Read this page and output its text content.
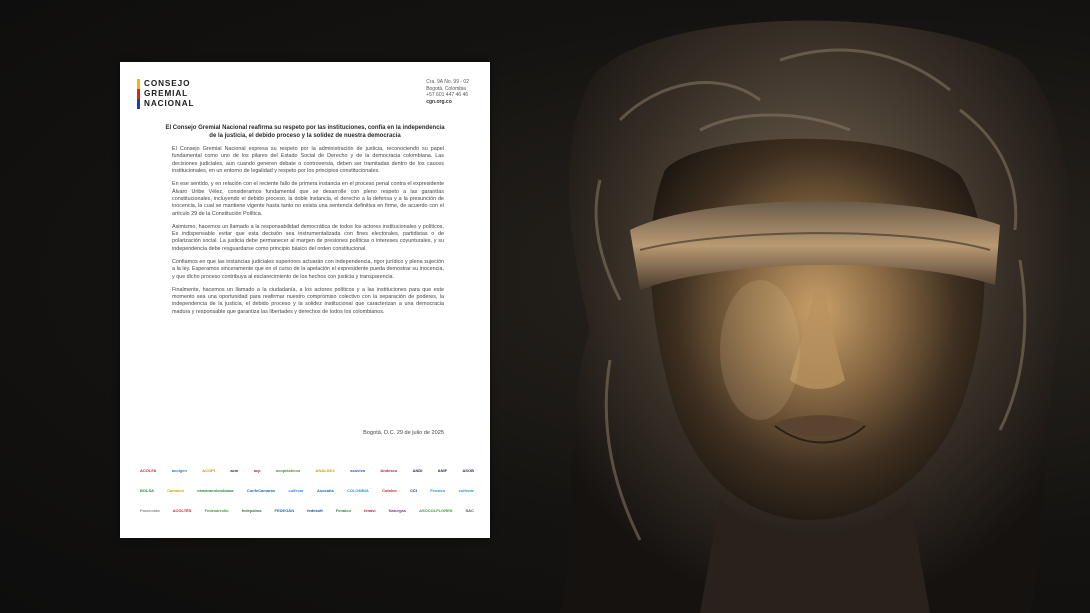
CONSEJO
GREMIAL
NACIONAL
Cra. 9A No. 99 - 02
Bogotá, Colombia
+57 601 447 46 46
cgn.org.co
El Consejo Gremial Nacional reafirma su respeto por las instituciones, confía en la independencia de la justicia, el debido proceso y la solidez de nuestra democracia

El Consejo Gremial Nacional expresa su respeto por la administración de justicia, reconociendo su papel fundamental como uno de los pilares del Estado Social de Derecho y de la democracia colombiana. Las decisiones judiciales, aun cuando generen debate o controversia, deben ser tramitadas dentro de los cauces institucionales, en un entorno de legalidad y respeto por los principios constitucionales.

En ese sentido, y en relación con el reciente fallo de primera instancia en el proceso penal contra el expresidente Álvaro Uribe Vélez, consideramos fundamental que se desarrolle con pleno respeto a las garantías constitucionales, incluyendo el debido proceso, la doble instancia, el derecho a la defensa y a la presunción de inocencia, la cual se mantiene vigente hasta tanto no exista una sentencia definitiva en firme, de acuerdo con el artículo 29 de la Constitución Política.

Asimismo, hacemos un llamado a la responsabilidad democrática de todos los actores institucionales y políticos. Es indispensable evitar que esta decisión sea instrumentalizada con fines electorales, partidistas o de polarización social. La justicia debe permanecer al margen de presiones políticas o intereses coyunturales, y su independencia debe resguardarse como principio básico del orden constitucional.

Confiamos en que las instancias judiciales superiores actuarán con independencia, rigor jurídico y plena sujeción a la ley. Esperamos sinceramente que en el curso de la apelación el expresidente pueda demostrar su inocencia, y que dicho proceso contribuya al esclarecimiento de los hechos con justicia y transparencia.

Finalmente, hacemos un llamado a la ciudadanía, a los actores políticos y a las instituciones para que este momento sea una oportunidad para reafirmar nuestro compromiso colectivo con la separación de poderes, la independencia de la justicia, el debido proceso y la solidez institucional que caracterizan a una democracia madura y responsable que garantiza las libertades y derechos de todos los colombianos.

Bogotá, D.C. 29 de julio de 2025
ACOLFA	acolgen	ACOPI	acm	acp	acoplásticos	ANALDEX	asoviva	Andesco	ANDI	ANIF	ASOB
BOLSA	Camacol	cámaracolombiana	ConfeCámaras	colfecar	Asocaña	COLOMBIA	Cotelco	CCI	Fenalco	colfecar
Fasecolda	ACOLTÉS	Fedesarrollo	fedepalma	FEDEGÁN	fedesoft	Fenalco	fenavi	Naturgas	ASOCOLFLORES	SAC
